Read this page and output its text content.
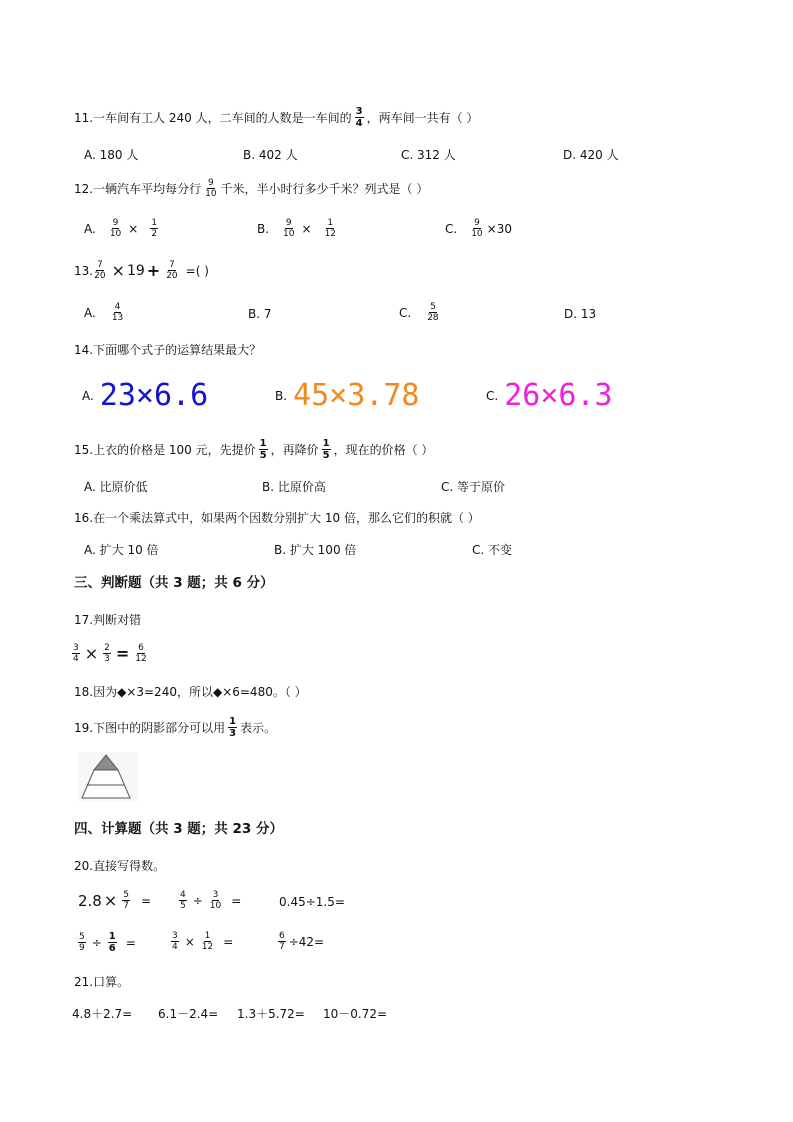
11.一车间有工人 240 人，二车间的人数是一车间的 $\frac{3}{4}$ ，两车间一共有（ ）
A. 180 人	B. 402 人	C. 312 人	D. 420 人
12.一辆汽车平均每分行 $\frac{9}{10}$ 千米，半小时行多少千米？列式是（ ）
A. $\frac{9}{10} \times \frac{1}{2}$	B. $\frac{9}{10} \times \frac{1}{12}$	C. $\frac{9}{10} \times 30$
13. $\frac{7}{20} \times 19 + \frac{7}{20}$ =( )
A. $\frac{4}{13}$	B. 7	C. $\frac{5}{28}$	D. 13
14.下面哪个式子的运算结果最大？
A. 23×6.6	B. 45×3.78	C. 26×6.3
15.上衣的价格是 100 元，先提价 $\frac{1}{5}$ ，再降价 $\frac{1}{5}$ ，现在的价格（ ）
A. 比原价低	B. 比原价高	C. 等于原价
16.在一个乘法算式中，如果两个因数分别扩大 10 倍，那么它们的积就（ ）
A. 扩大 10 倍	B. 扩大 100 倍	C. 不变
三、判断题（共 3 题；共 6 分）
17.判断对错
$\frac{3}{4} \times \frac{2}{3} = \frac{6}{12}$
18.因为◆×3=240，所以◆×6=480。（ ）
19.下图中的阴影部分可以用 $\frac{1}{3}$ 表示。
四、计算题（共 3 题；共 23 分）
20.直接写得数。
$2.8 \times \frac{5}{7}$ =	$\frac{4}{5} \div \frac{3}{10}$ =	0.45÷1.5=
$\frac{5}{9} \div \frac{1}{6}$ =	$\frac{3}{4} \times \frac{1}{12}$ =	$\frac{6}{7} \div 42=$
21.口算。
4.8＋2.7= 6.1－2.4= 1.3＋5.72= 10－0.72=
